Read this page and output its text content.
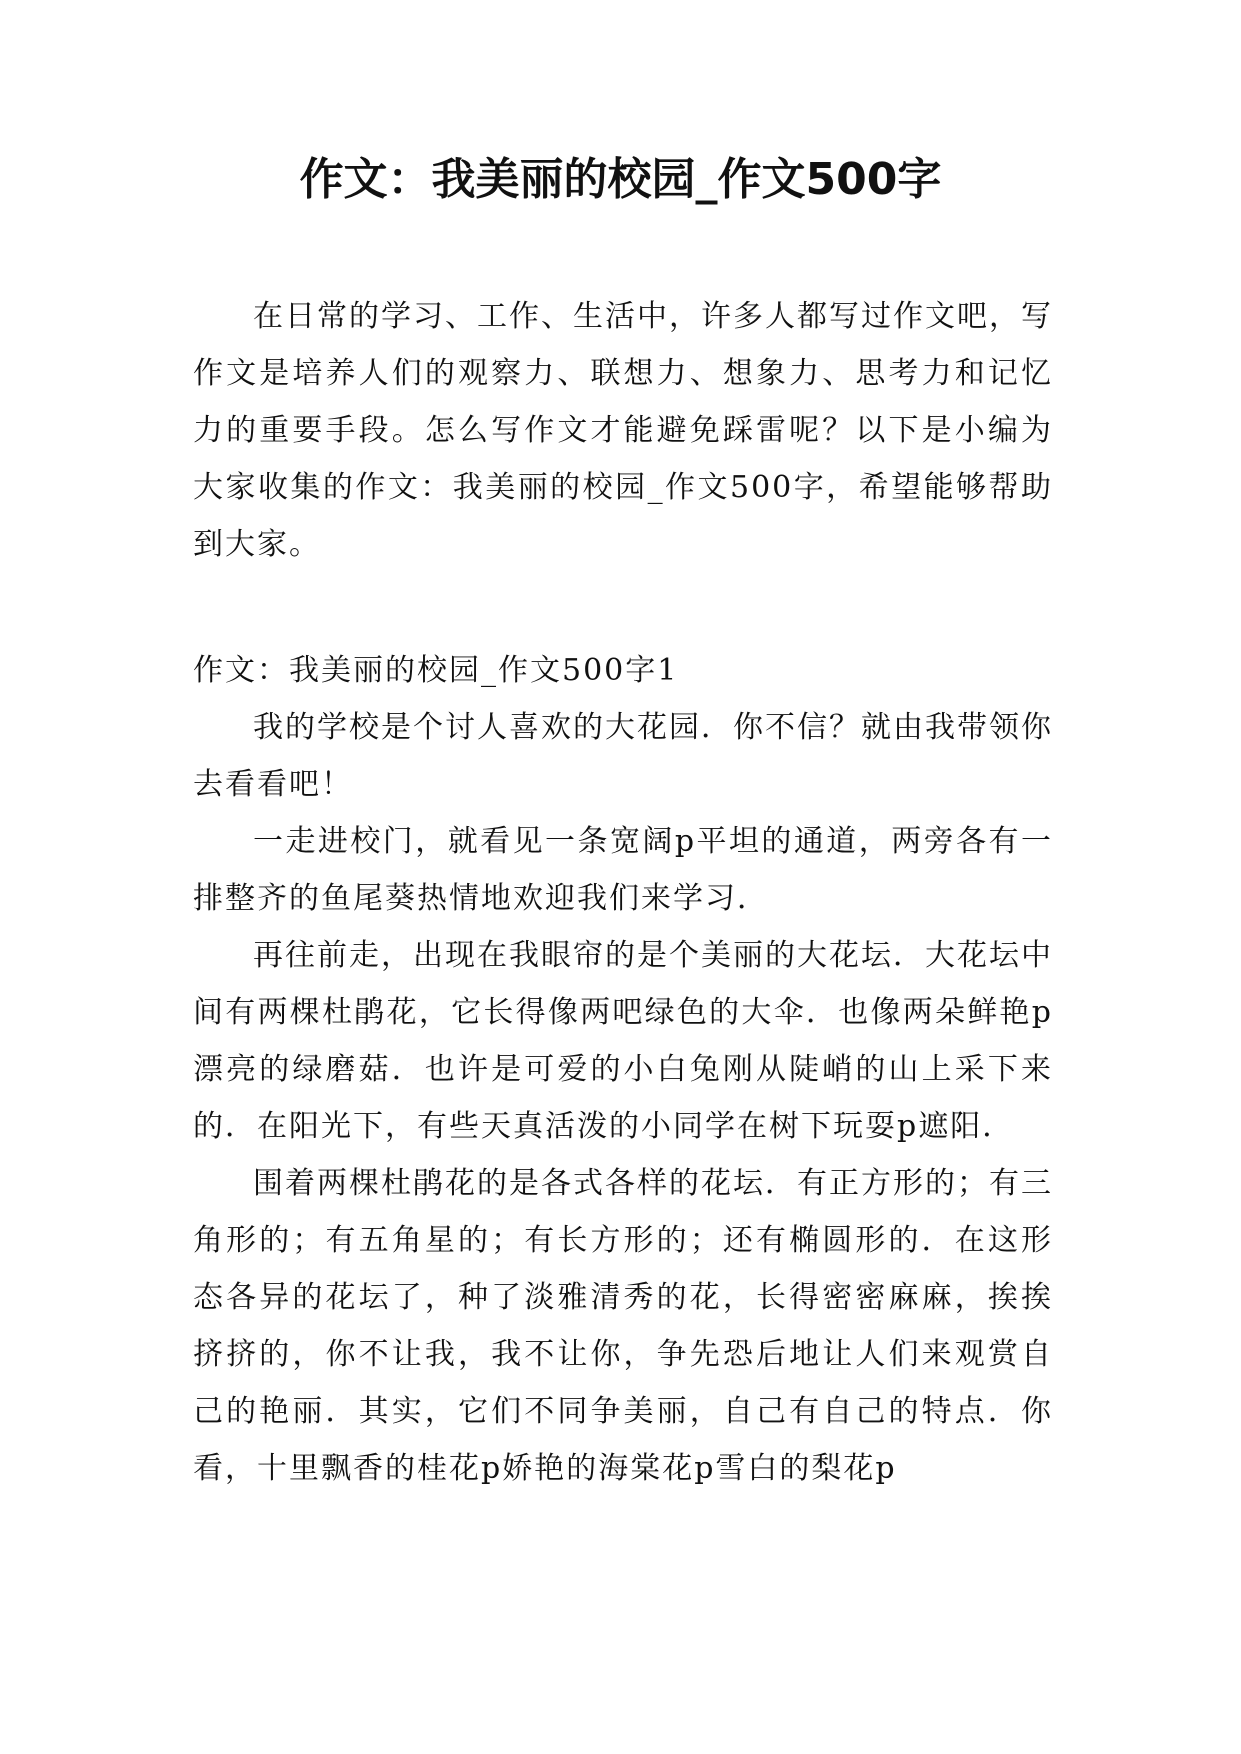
作文：我美丽的校园_作文500字

在日常的学习、工作、生活中，许多人都写过作文吧，写作文是培养人们的观察力、联想力、想象力、思考力和记忆力的重要手段。怎么写作文才能避免踩雷呢？以下是小编为大家收集的作文：我美丽的校园_作文500字，希望能够帮助到大家。

作文：我美丽的校园_作文500字1

我的学校是个讨人喜欢的大花园．你不信？就由我带领你去看看吧！

一走进校门，就看见一条宽阔p平坦的通道，两旁各有一排整齐的鱼尾葵热情地欢迎我们来学习．

再往前走，出现在我眼帘的是个美丽的大花坛．大花坛中间有两棵杜鹃花，它长得像两吧绿色的大伞．也像两朵鲜艳p漂亮的绿磨菇．也许是可爱的小白兔刚从陡峭的山上采下来的．在阳光下，有些天真活泼的小同学在树下玩耍p遮阳．

围着两棵杜鹃花的是各式各样的花坛．有正方形的；有三角形的；有五角星的；有长方形的；还有椭圆形的．在这形态各异的花坛了，种了淡雅清秀的花，长得密密麻麻，挨挨挤挤的，你不让我，我不让你，争先恐后地让人们来观赏自己的艳丽．其实，它们不同争美丽，自己有自己的特点．你看，十里飘香的桂花p娇艳的海棠花p雪白的梨花p
